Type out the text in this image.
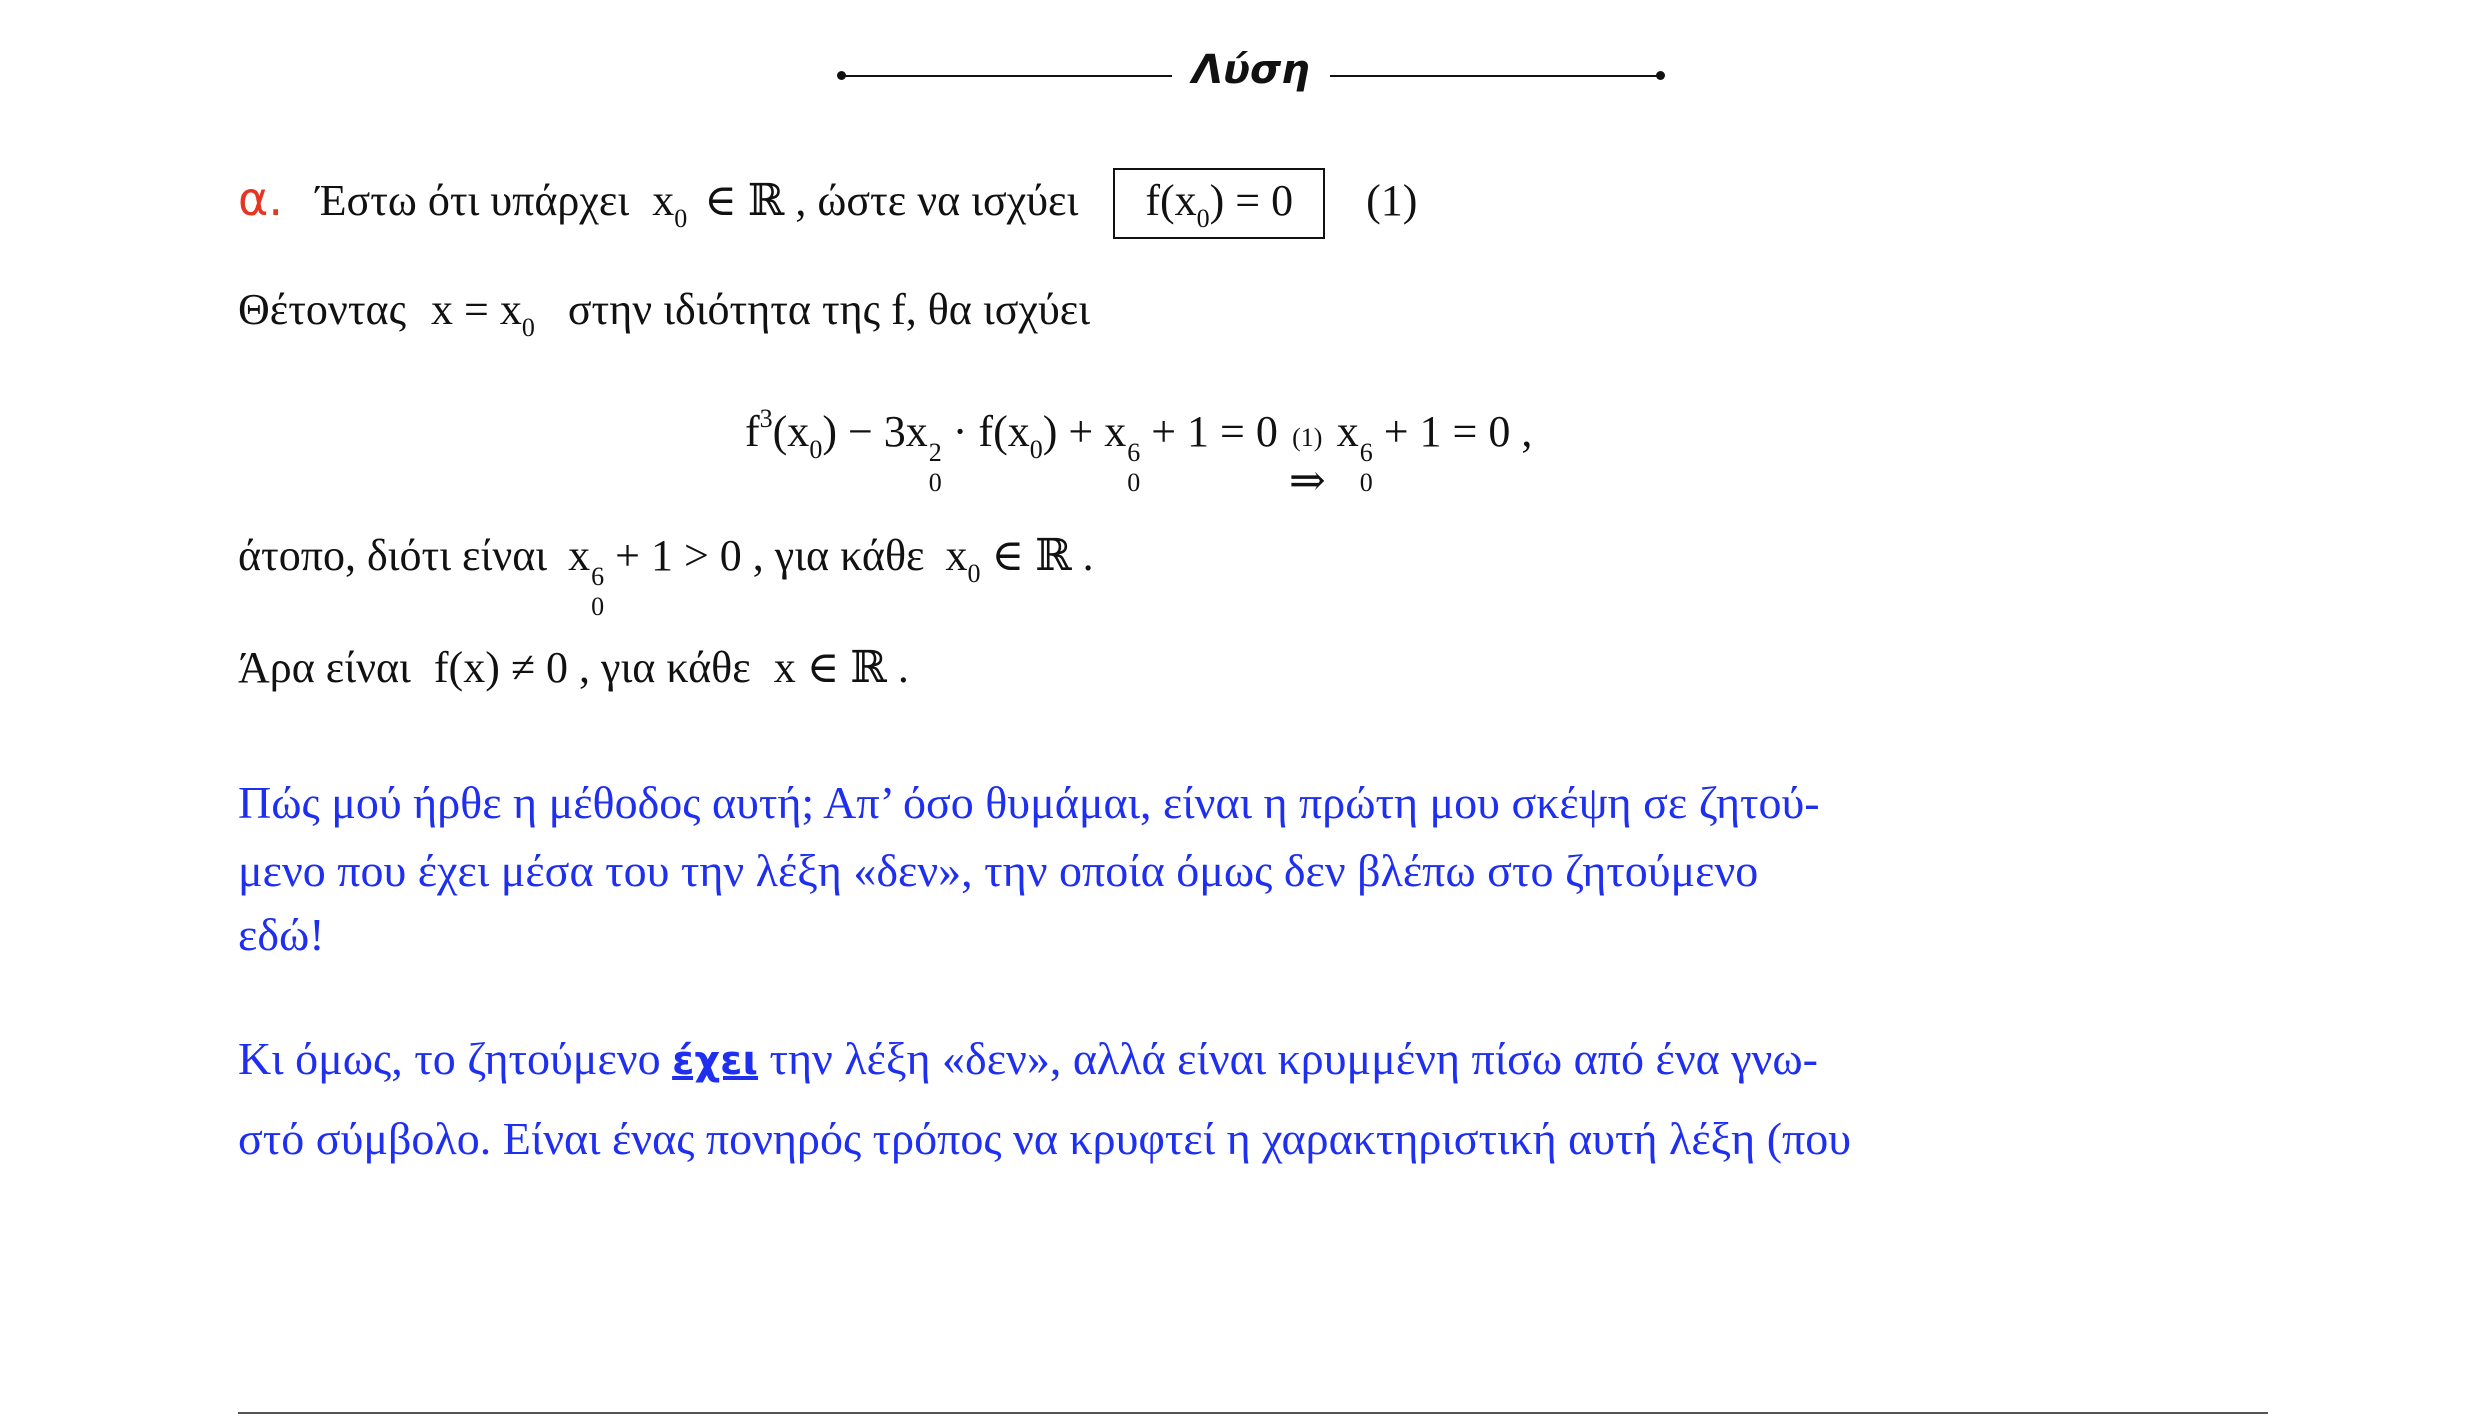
Λύση
α. Έστω ότι υπάρχει $x_0$ ∈ ℝ , ώστε να ισχύει $f(x_0) = 0$ (1)
Θέτοντας $x = x_0$ στην ιδιότητα της f, θα ισχύει
$f^3(x_0) - 3x$ 2
0
· $f(x_0) + x$ 6
0
+ 1 = 0 (1)
⇒
x 6
0
+ 1 = 0 ,
άτοπο, διότι είναι x 6
0
+ 1 > 0 , για κάθε $x_0$ ∈ ℝ .
Άρα είναι f(x) ≠ 0 , για κάθε x ∈ ℝ .
Πώς μού ήρθε η μέθοδος αυτή; Απ’ όσο θυμάμαι, είναι η πρώτη μου σκέψη σε ζητού-
μενο που έχει μέσα του την λέξη «δεν», την οποία όμως δεν βλέπω στο ζητούμενο
εδώ!
Κι όμως, το ζητούμενο έχει την λέξη «δεν», αλλά είναι κρυμμένη πίσω από ένα γνω-
στό σύμβολο. Είναι ένας πονηρός τρόπος να κρυφτεί η χαρακτηριστική αυτή λέξη (που
